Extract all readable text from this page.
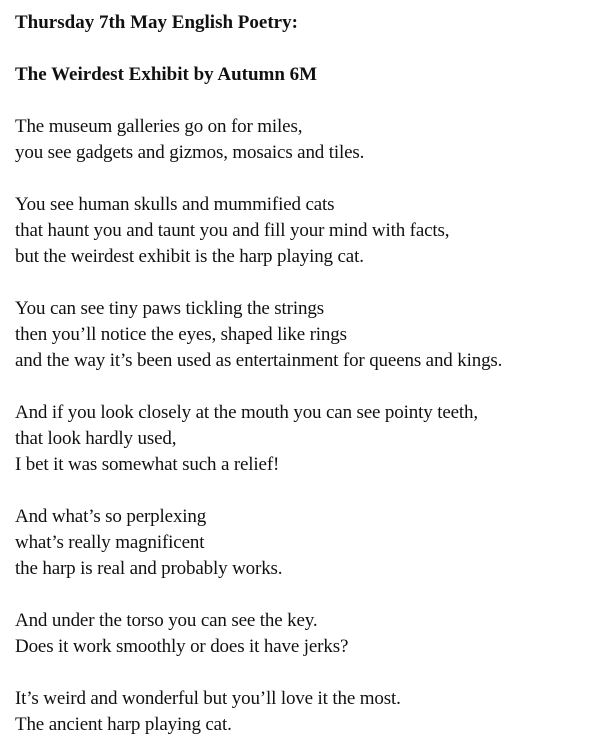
Thursday 7th May English Poetry:
The Weirdest Exhibit by Autumn 6M
The museum galleries go on for miles,
you see gadgets and gizmos, mosaics and tiles.
You see human skulls and mummified cats
that haunt you and taunt you and fill your mind with facts,
but the weirdest exhibit is the harp playing cat.
You can see tiny paws tickling the strings
then you’ll notice the eyes, shaped like rings
and the way it’s been used as entertainment for queens and kings.
And if you look closely at the mouth you can see pointy teeth,
that look hardly used,
I bet it was somewhat such a relief!
And what’s so perplexing
what’s really magnificent
the harp is real and probably works.
And under the torso you can see the key.
Does it work smoothly or does it have jerks?
It’s weird and wonderful but you’ll love it the most.
The ancient harp playing cat.
